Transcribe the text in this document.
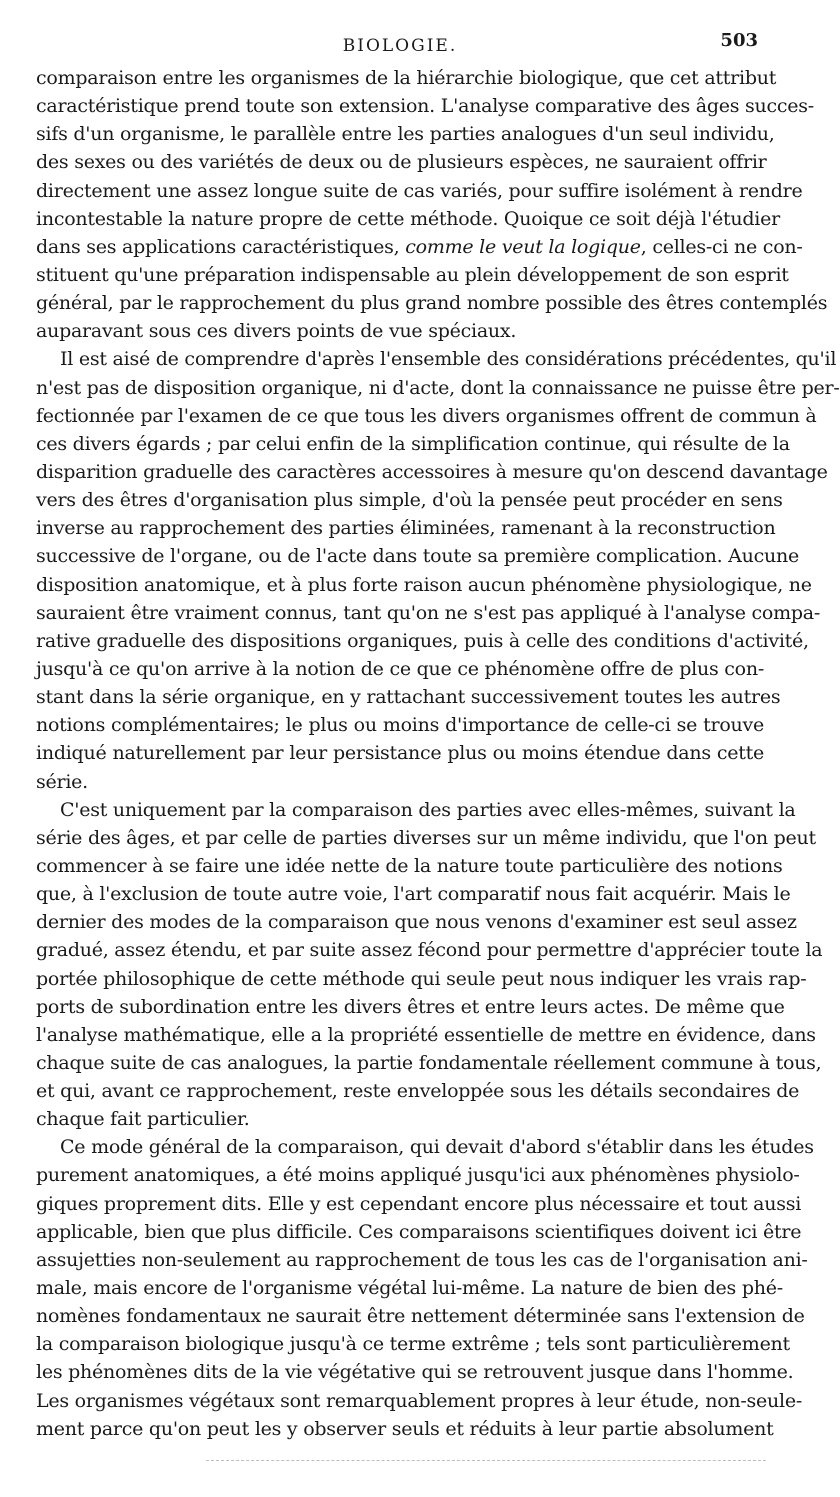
BIOLOGIE.	503
comparaison entre les organismes de la hiérarchie biologique, que cet attribut
caractéristique prend toute son extension. L'analyse comparative des âges succes-
sifs d'un organisme, le parallèle entre les parties analogues d'un seul individu,
des sexes ou des variétés de deux ou de plusieurs espèces, ne sauraient offrir
directement une assez longue suite de cas variés, pour suffire isolément à rendre
incontestable la nature propre de cette méthode. Quoique ce soit déjà l'étudier
dans ses applications caractéristiques, comme le veut la logique, celles-ci ne con-
stituent qu'une préparation indispensable au plein développement de son esprit
général, par le rapprochement du plus grand nombre possible des êtres contemplés
auparavant sous ces divers points de vue spéciaux.
Il est aisé de comprendre d'après l'ensemble des considérations précédentes, qu'il
n'est pas de disposition organique, ni d'acte, dont la connaissance ne puisse être per-
fectionnée par l'examen de ce que tous les divers organismes offrent de commun à
ces divers égards ; par celui enfin de la simplification continue, qui résulte de la
disparition graduelle des caractères accessoires à mesure qu'on descend davantage
vers des êtres d'organisation plus simple, d'où la pensée peut procéder en sens
inverse au rapprochement des parties éliminées, ramenant à la reconstruction
successive de l'organe, ou de l'acte dans toute sa première complication. Aucune
disposition anatomique, et à plus forte raison aucun phénomène physiologique, ne
sauraient être vraiment connus, tant qu'on ne s'est pas appliqué à l'analyse compa-
rative graduelle des dispositions organiques, puis à celle des conditions d'activité,
jusqu'à ce qu'on arrive à la notion de ce que ce phénomène offre de plus con-
stant dans la série organique, en y rattachant successivement toutes les autres
notions complémentaires; le plus ou moins d'importance de celle-ci se trouve
indiqué naturellement par leur persistance plus ou moins étendue dans cette
série.
C'est uniquement par la comparaison des parties avec elles-mêmes, suivant la
série des âges, et par celle de parties diverses sur un même individu, que l'on peut
commencer à se faire une idée nette de la nature toute particulière des notions
que, à l'exclusion de toute autre voie, l'art comparatif nous fait acquérir. Mais le
dernier des modes de la comparaison que nous venons d'examiner est seul assez
gradué, assez étendu, et par suite assez fécond pour permettre d'apprécier toute la
portée philosophique de cette méthode qui seule peut nous indiquer les vrais rap-
ports de subordination entre les divers êtres et entre leurs actes. De même que
l'analyse mathématique, elle a la propriété essentielle de mettre en évidence, dans
chaque suite de cas analogues, la partie fondamentale réellement commune à tous,
et qui, avant ce rapprochement, reste enveloppée sous les détails secondaires de
chaque fait particulier.
Ce mode général de la comparaison, qui devait d'abord s'établir dans les études
purement anatomiques, a été moins appliqué jusqu'ici aux phénomènes physiolo-
giques proprement dits. Elle y est cependant encore plus nécessaire et tout aussi
applicable, bien que plus difficile. Ces comparaisons scientifiques doivent ici être
assujetties non-seulement au rapprochement de tous les cas de l'organisation ani-
male, mais encore de l'organisme végétal lui-même. La nature de bien des phé-
nomènes fondamentaux ne saurait être nettement déterminée sans l'extension de
la comparaison biologique jusqu'à ce terme extrême ; tels sont particulièrement
les phénomènes dits de la vie végétative qui se retrouvent jusque dans l'homme.
Les organismes végétaux sont remarquablement propres à leur étude, non-seule-
ment parce qu'on peut les y observer seuls et réduits à leur partie absolument
